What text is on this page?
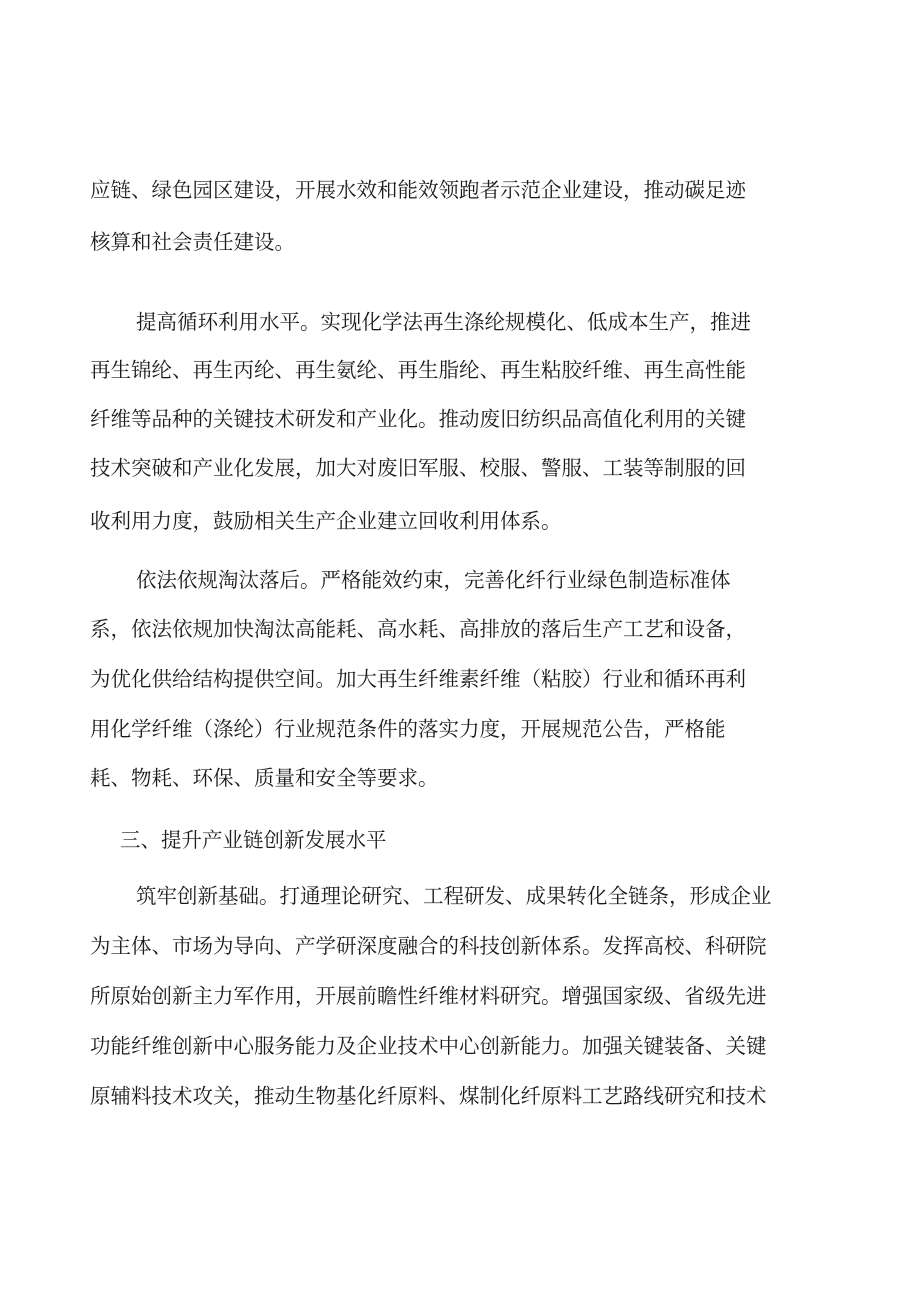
应链、绿色园区建设，开展水效和能效领跑者示范企业建设，推动碳足迹
核算和社会责任建设。
提高循环利用水平。实现化学法再生涤纶规模化、低成本生产，推进
再生锦纶、再生丙纶、再生氨纶、再生脂纶、再生粘胶纤维、再生高性能
纤维等品种的关键技术研发和产业化。推动废旧纺织品高值化利用的关键
技术突破和产业化发展，加大对废旧军服、校服、警服、工装等制服的回
收利用力度，鼓励相关生产企业建立回收利用体系。
依法依规淘汰落后。严格能效约束，完善化纤行业绿色制造标准体
系，依法依规加快淘汰高能耗、高水耗、高排放的落后生产工艺和设备，
为优化供给结构提供空间。加大再生纤维素纤维（粘胶）行业和循环再利
用化学纤维（涤纶）行业规范条件的落实力度，开展规范公告，严格能
耗、物耗、环保、质量和安全等要求。
三、提升产业链创新发展水平
筑牢创新基础。打通理论研究、工程研发、成果转化全链条，形成企业
为主体、市场为导向、产学研深度融合的科技创新体系。发挥高校、科研院
所原始创新主力军作用，开展前瞻性纤维材料研究。增强国家级、省级先进
功能纤维创新中心服务能力及企业技术中心创新能力。加强关键装备、关键
原辅料技术攻关，推动生物基化纤原料、煤制化纤原料工艺路线研究和技术
